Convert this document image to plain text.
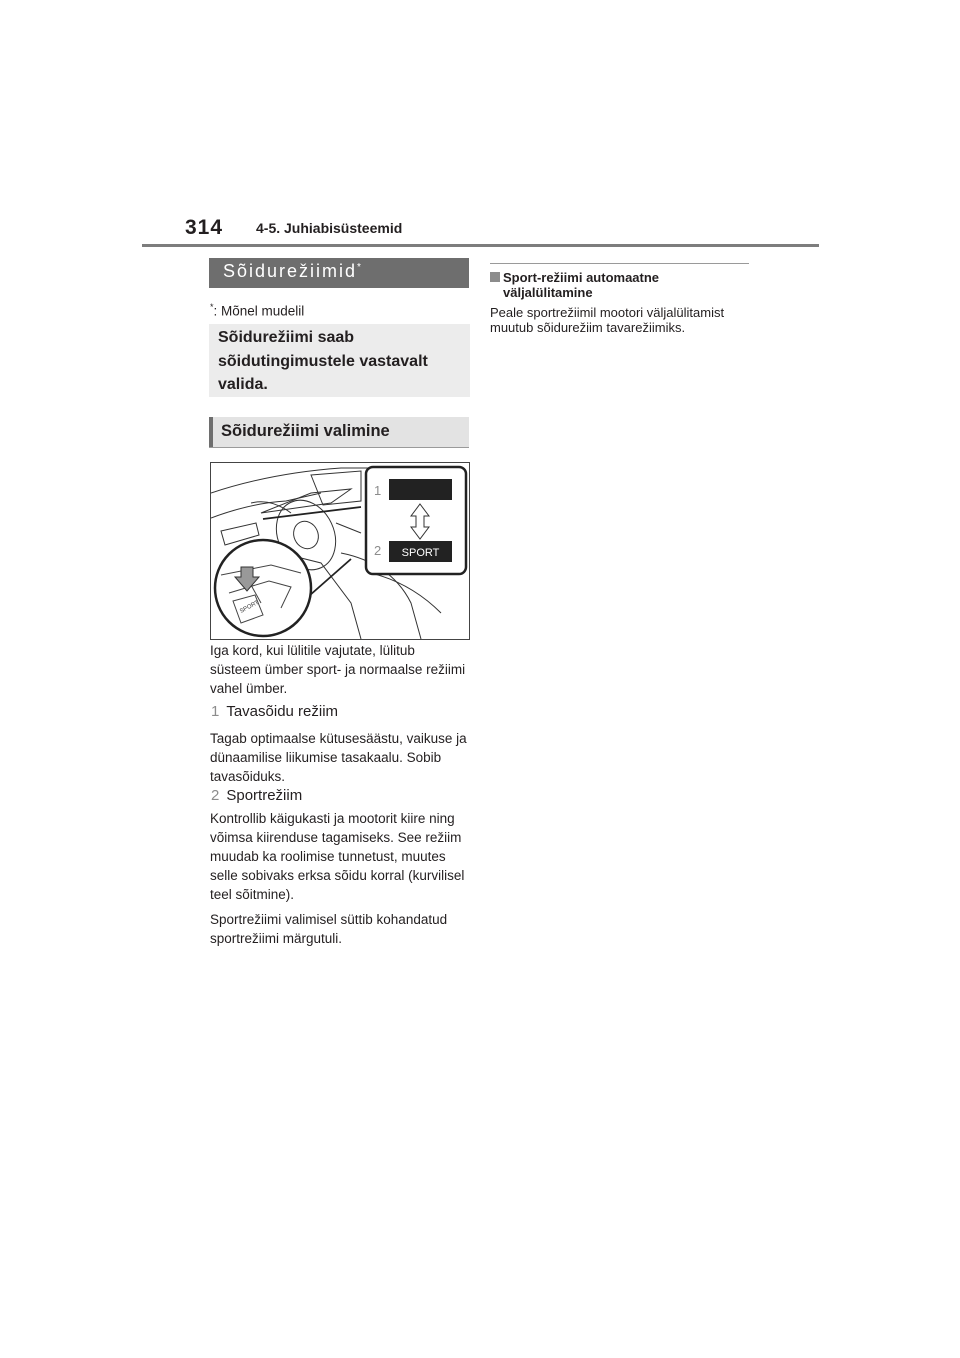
314 4-5. Juhiabisüsteemid
Sõidurežiimid*
*: Mõnel mudelil
Sõidurežiimi saab sõidutingimustele vastavalt valida.
Sõidurežiimi valimine
SPORT
1
2 SPORT
Iga kord, kui lülitile vajutate, lülitub süsteem ümber sport- ja normaalse režiimi vahel ümber.
1 Tavasõidu režiim
Tagab optimaalse kütusesäästu, vaikuse ja dünaamilise liikumise tasakaalu. Sobib tavasõiduks.
2 Sportrežiim
Kontrollib käigukasti ja mootorit kiire ning võimsa kiirenduse tagamiseks. See režiim muudab ka roolimise tunnetust, muutes selle sobivaks erksa sõidu korral (kurvilisel teel sõitmine).
Sportrežiimi valimisel süttib kohandatud sportrežiimi märgutuli.
Sport-režiimi automaatne
väljalülitamine
Peale sportrežiimil mootori väljalülitamist muutub sõidurežiim tavarežiimiks.
